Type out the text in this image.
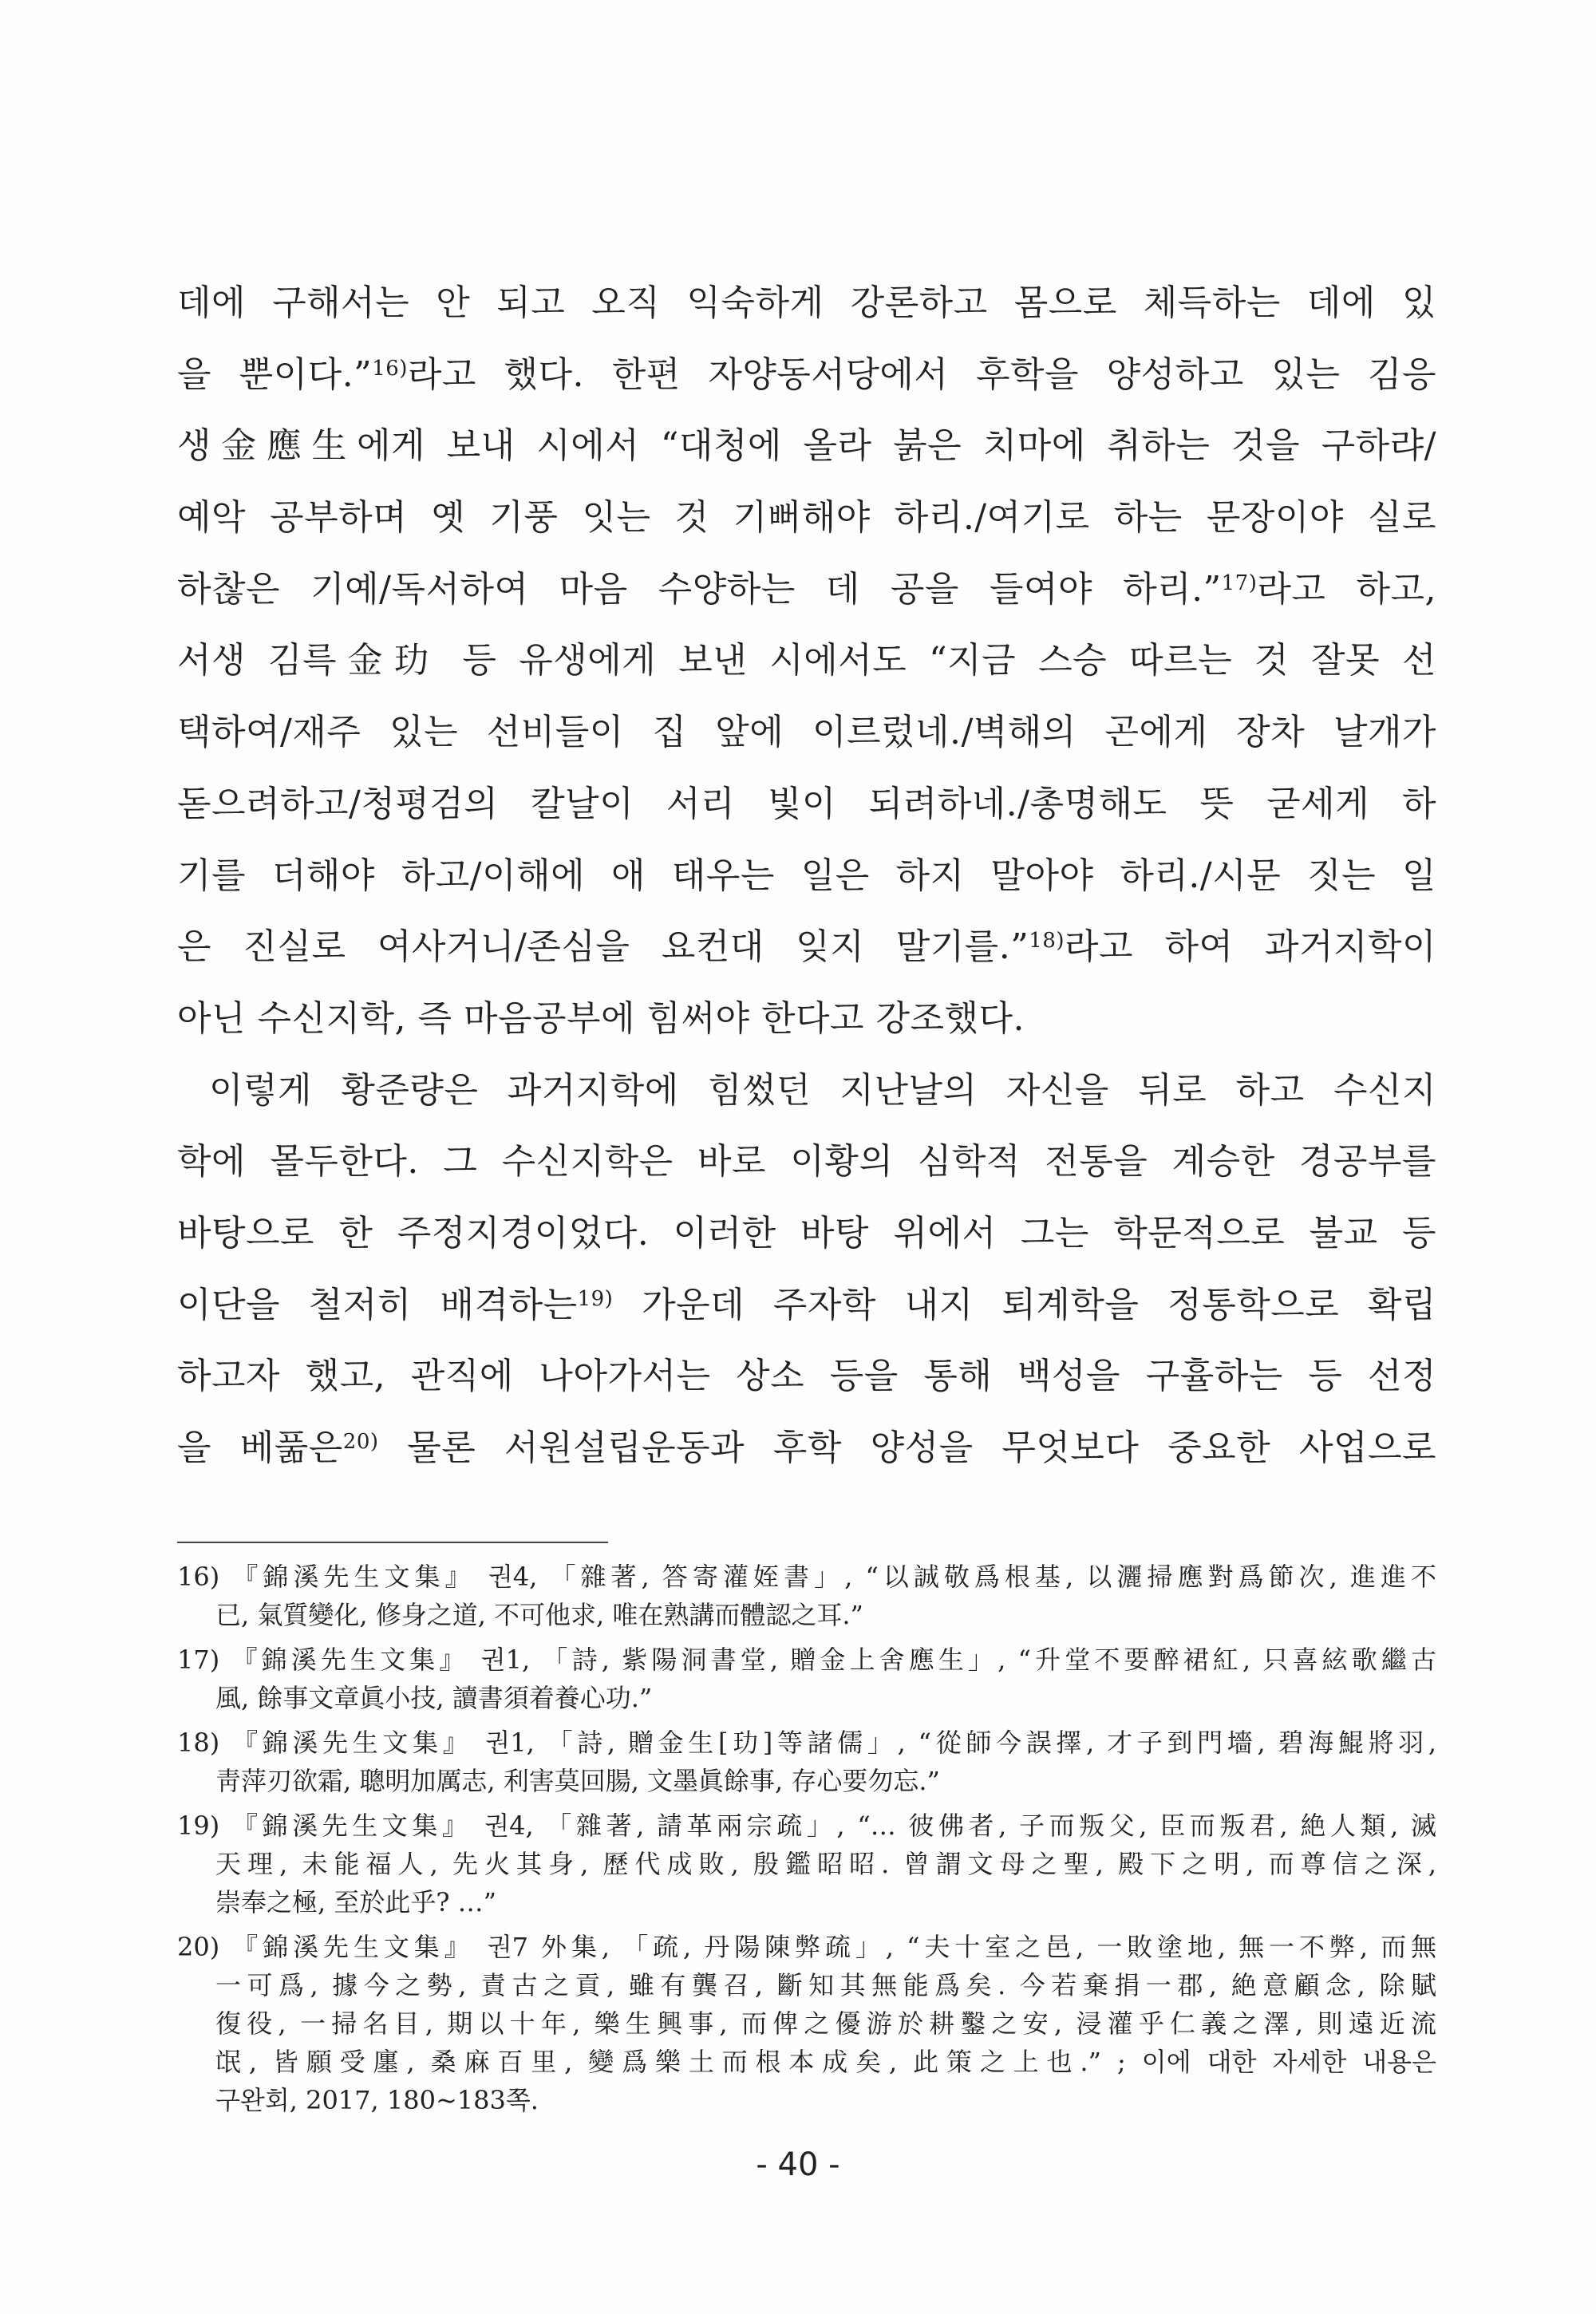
데에 구해서는 안 되고 오직 익숙하게 강론하고 몸으로 체득하는 데에 있
을 뿐이다.”$^{16)}$라고 했다. 한편 자양동서당에서 후학을 양성하고 있는 김응
생金應生에게 보내 시에서 “대청에 올라 붉은 치마에 취하는 것을 구하랴/
예악 공부하며 옛 기풍 잇는 것 기뻐해야 하리./여기로 하는 문장이야 실로
하찮은 기예/독서하여 마음 수양하는 데 공을 들여야 하리.”$^{17)}$라고 하고,
서생 김륵金玏 등 유생에게 보낸 시에서도 “지금 스승 따르는 것 잘못 선
택하여/재주 있는 선비들이 집 앞에 이르렀네./벽해의 곤에게 장차 날개가
돋으려하고/청평검의 칼날이 서리 빛이 되려하네./총명해도 뜻 굳세게 하
기를 더해야 하고/이해에 애 태우는 일은 하지 말아야 하리./시문 짓는 일
은 진실로 여사거니/존심을 요컨대 잊지 말기를.”$^{18)}$라고 하여 과거지학이
아닌 수신지학, 즉 마음공부에 힘써야 한다고 강조했다.
이렇게 황준량은 과거지학에 힘썼던 지난날의 자신을 뒤로 하고 수신지
학에 몰두한다. 그 수신지학은 바로 이황의 심학적 전통을 계승한 경공부를
바탕으로 한 주정지경이었다. 이러한 바탕 위에서 그는 학문적으로 불교 등
이단을 철저히 배격하는$^{19)}$ 가운데 주자학 내지 퇴계학을 정통학으로 확립
하고자 했고, 관직에 나아가서는 상소 등을 통해 백성을 구휼하는 등 선정
을 베풂은$^{20)}$ 물론 서원설립운동과 후학 양성을 무엇보다 중요한 사업으로
16) 『錦溪先生文集』 권4, 「雜著, 答寄灌姪書」, “以誠敬爲根基, 以灑掃應對爲節次, 進進不
已, 氣質變化, 修身之道, 不可他求, 唯在熟講而體認之耳.”
17) 『錦溪先生文集』 권1, 「詩, 紫陽洞書堂, 贈金上舍應生」, “升堂不要醉裙紅, 只喜絃歌繼古
風, 餘事文章眞小技, 讀書須着養心功.”
18) 『錦溪先生文集』 권1, 「詩, 贈金生[玏]等諸儒」, “從師今誤擇, 才子到門墻, 碧海鯤將羽,
靑萍刃欲霜, 聰明加厲志, 利害莫回腸, 文墨眞餘事, 存心要勿忘.”
19) 『錦溪先生文集』 권4, 「雜著, 請革兩宗疏」, “… 彼佛者, 子而叛父, 臣而叛君, 絶人類, 滅
天理, 未能福人, 先火其身, 歷代成敗, 殷鑑昭昭. 曾謂文母之聖, 殿下之明, 而尊信之深,
崇奉之極, 至於此乎? …”
20) 『錦溪先生文集』 권7 外集, 「疏, 丹陽陳弊疏」, “夫十室之邑, 一敗塗地, 無一不弊, 而無
一可爲, 據今之勢, 責古之貢, 雖有龔召, 斷知其無能爲矣. 今若棄捐一郡, 絶意顧念, 除賦
復役, 一掃名目, 期以十年, 樂生興事, 而俾之優游於耕鑿之安, 浸灌乎仁義之澤, 則遠近流
氓, 皆願受廛, 桑麻百里, 變爲樂土而根本成矣, 此策之上也.” ; 이에 대한 자세한 내용은
구완회, 2017, 180~183쪽.
- 40 -
